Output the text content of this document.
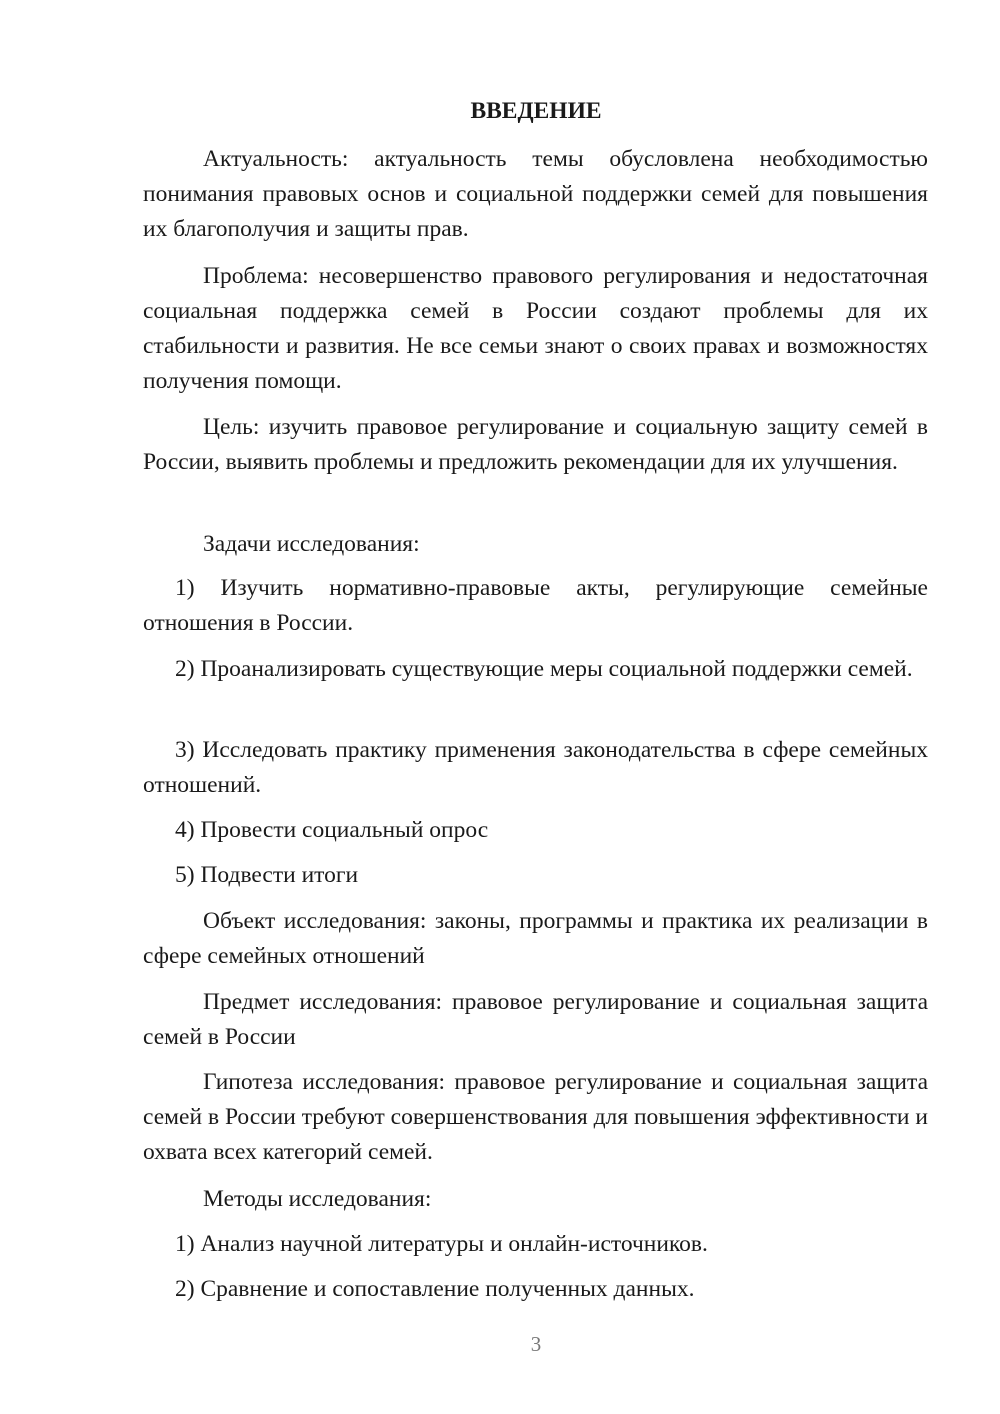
ВВЕДЕНИЕ

Актуальность: актуальность темы обусловлена необходимостью понимания правовых основ и социальной поддержки семей для повышения их благополучия и защиты прав.

Проблема: несовершенство правового регулирования и недостаточная социальная поддержка семей в России создают проблемы для их стабильности и развития. Не все семьи знают о своих правах и возможностях получения помощи.

Цель: изучить правовое регулирование и социальную защиту семей в России, выявить проблемы и предложить рекомендации для их улучшения.

Задачи исследования:

1) Изучить нормативно-правовые акты, регулирующие семейные отношения в России.

2) Проанализировать существующие меры социальной поддержки семей.

3) Исследовать практику применения законодательства в сфере семейных отношений.

4) Провести социальный опрос

5) Подвести итоги

Объект исследования: законы, программы и практика их реализации в сфере семейных отношений

Предмет исследования: правовое регулирование и социальная защита семей в России

Гипотеза исследования: правовое регулирование и социальная защита семей в России требуют совершенствования для повышения эффективности и охвата всех категорий семей.

Методы исследования:

1) Анализ научной литературы и онлайн-источников.

2) Сравнение и сопоставление полученных данных.

3
